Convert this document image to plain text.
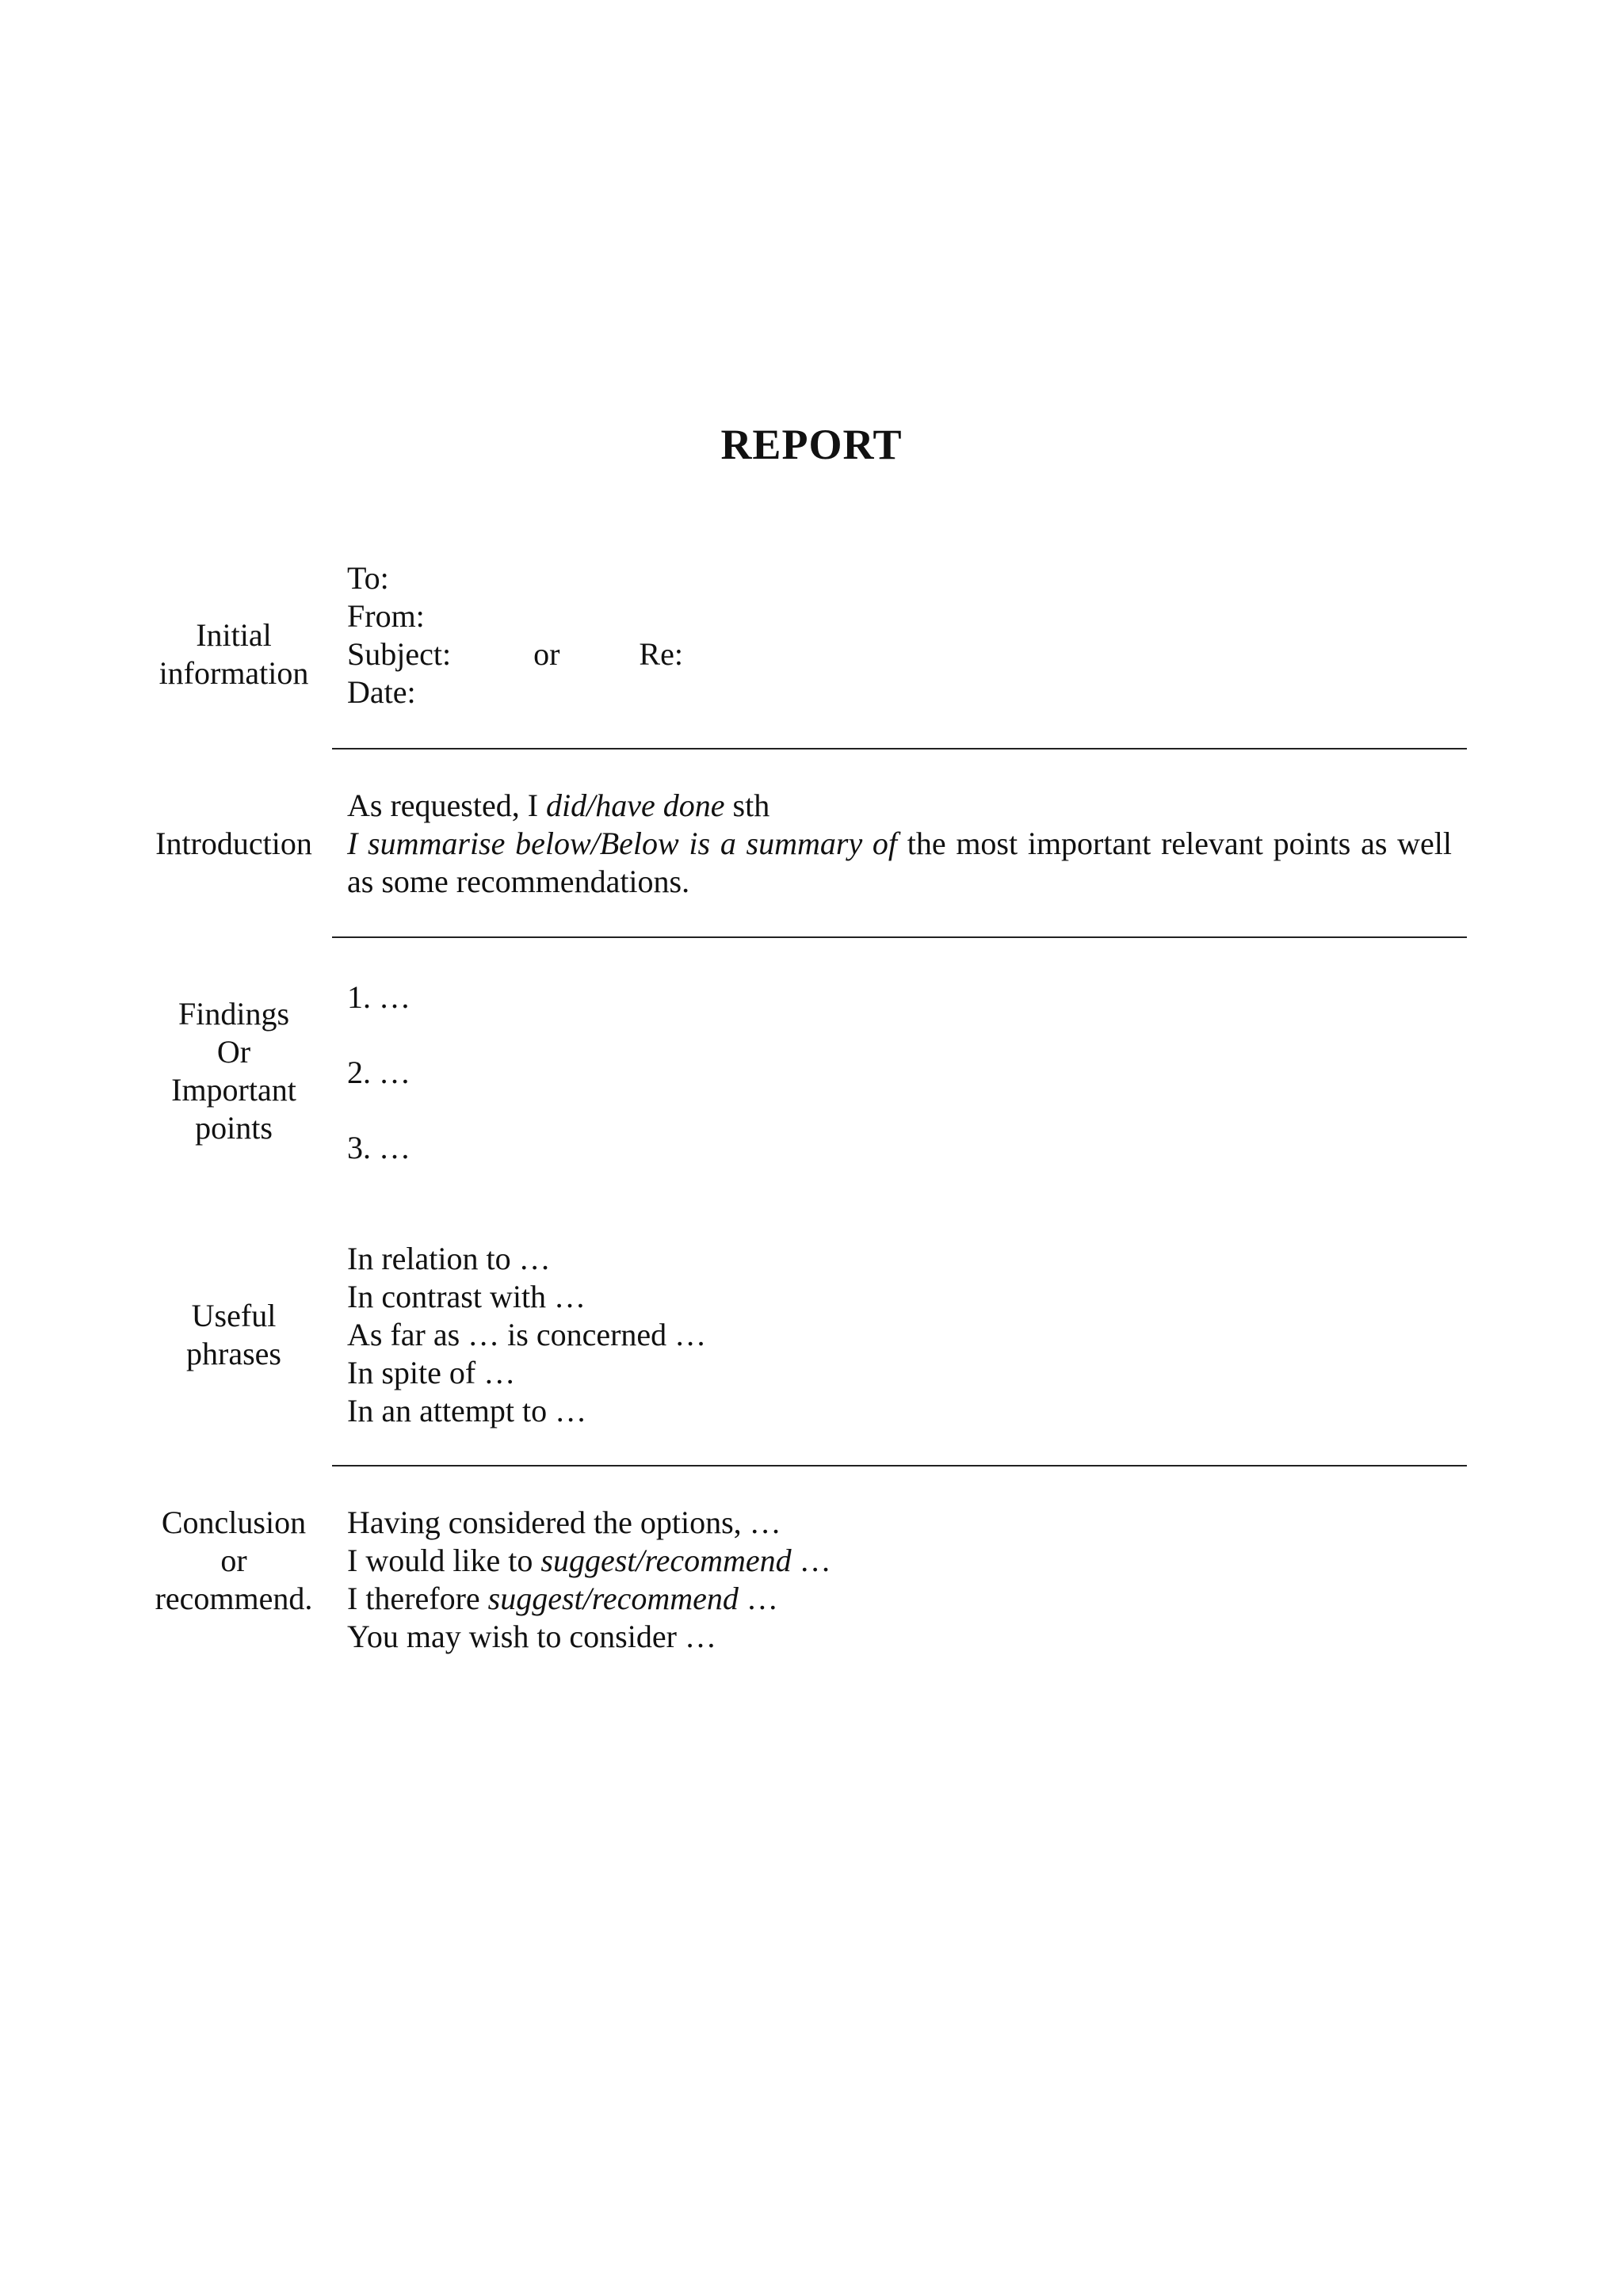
REPORT
Initial
information
To:
From:
Subject:	or	Re:
Date:
Introduction
As requested, I did/have done sth
I summarise below/Below is a summary of the most important relevant points as well as some recommendations.
Findings
Or
Important
points
1. …
2. …
3. …
Useful
phrases
In relation to …
In contrast with …
As far as … is concerned …
In spite of …
In an attempt to …
Conclusion
or
recommend.
Having considered the options, …
I would like to suggest/recommend …
I therefore suggest/recommend …
You may wish to consider …
